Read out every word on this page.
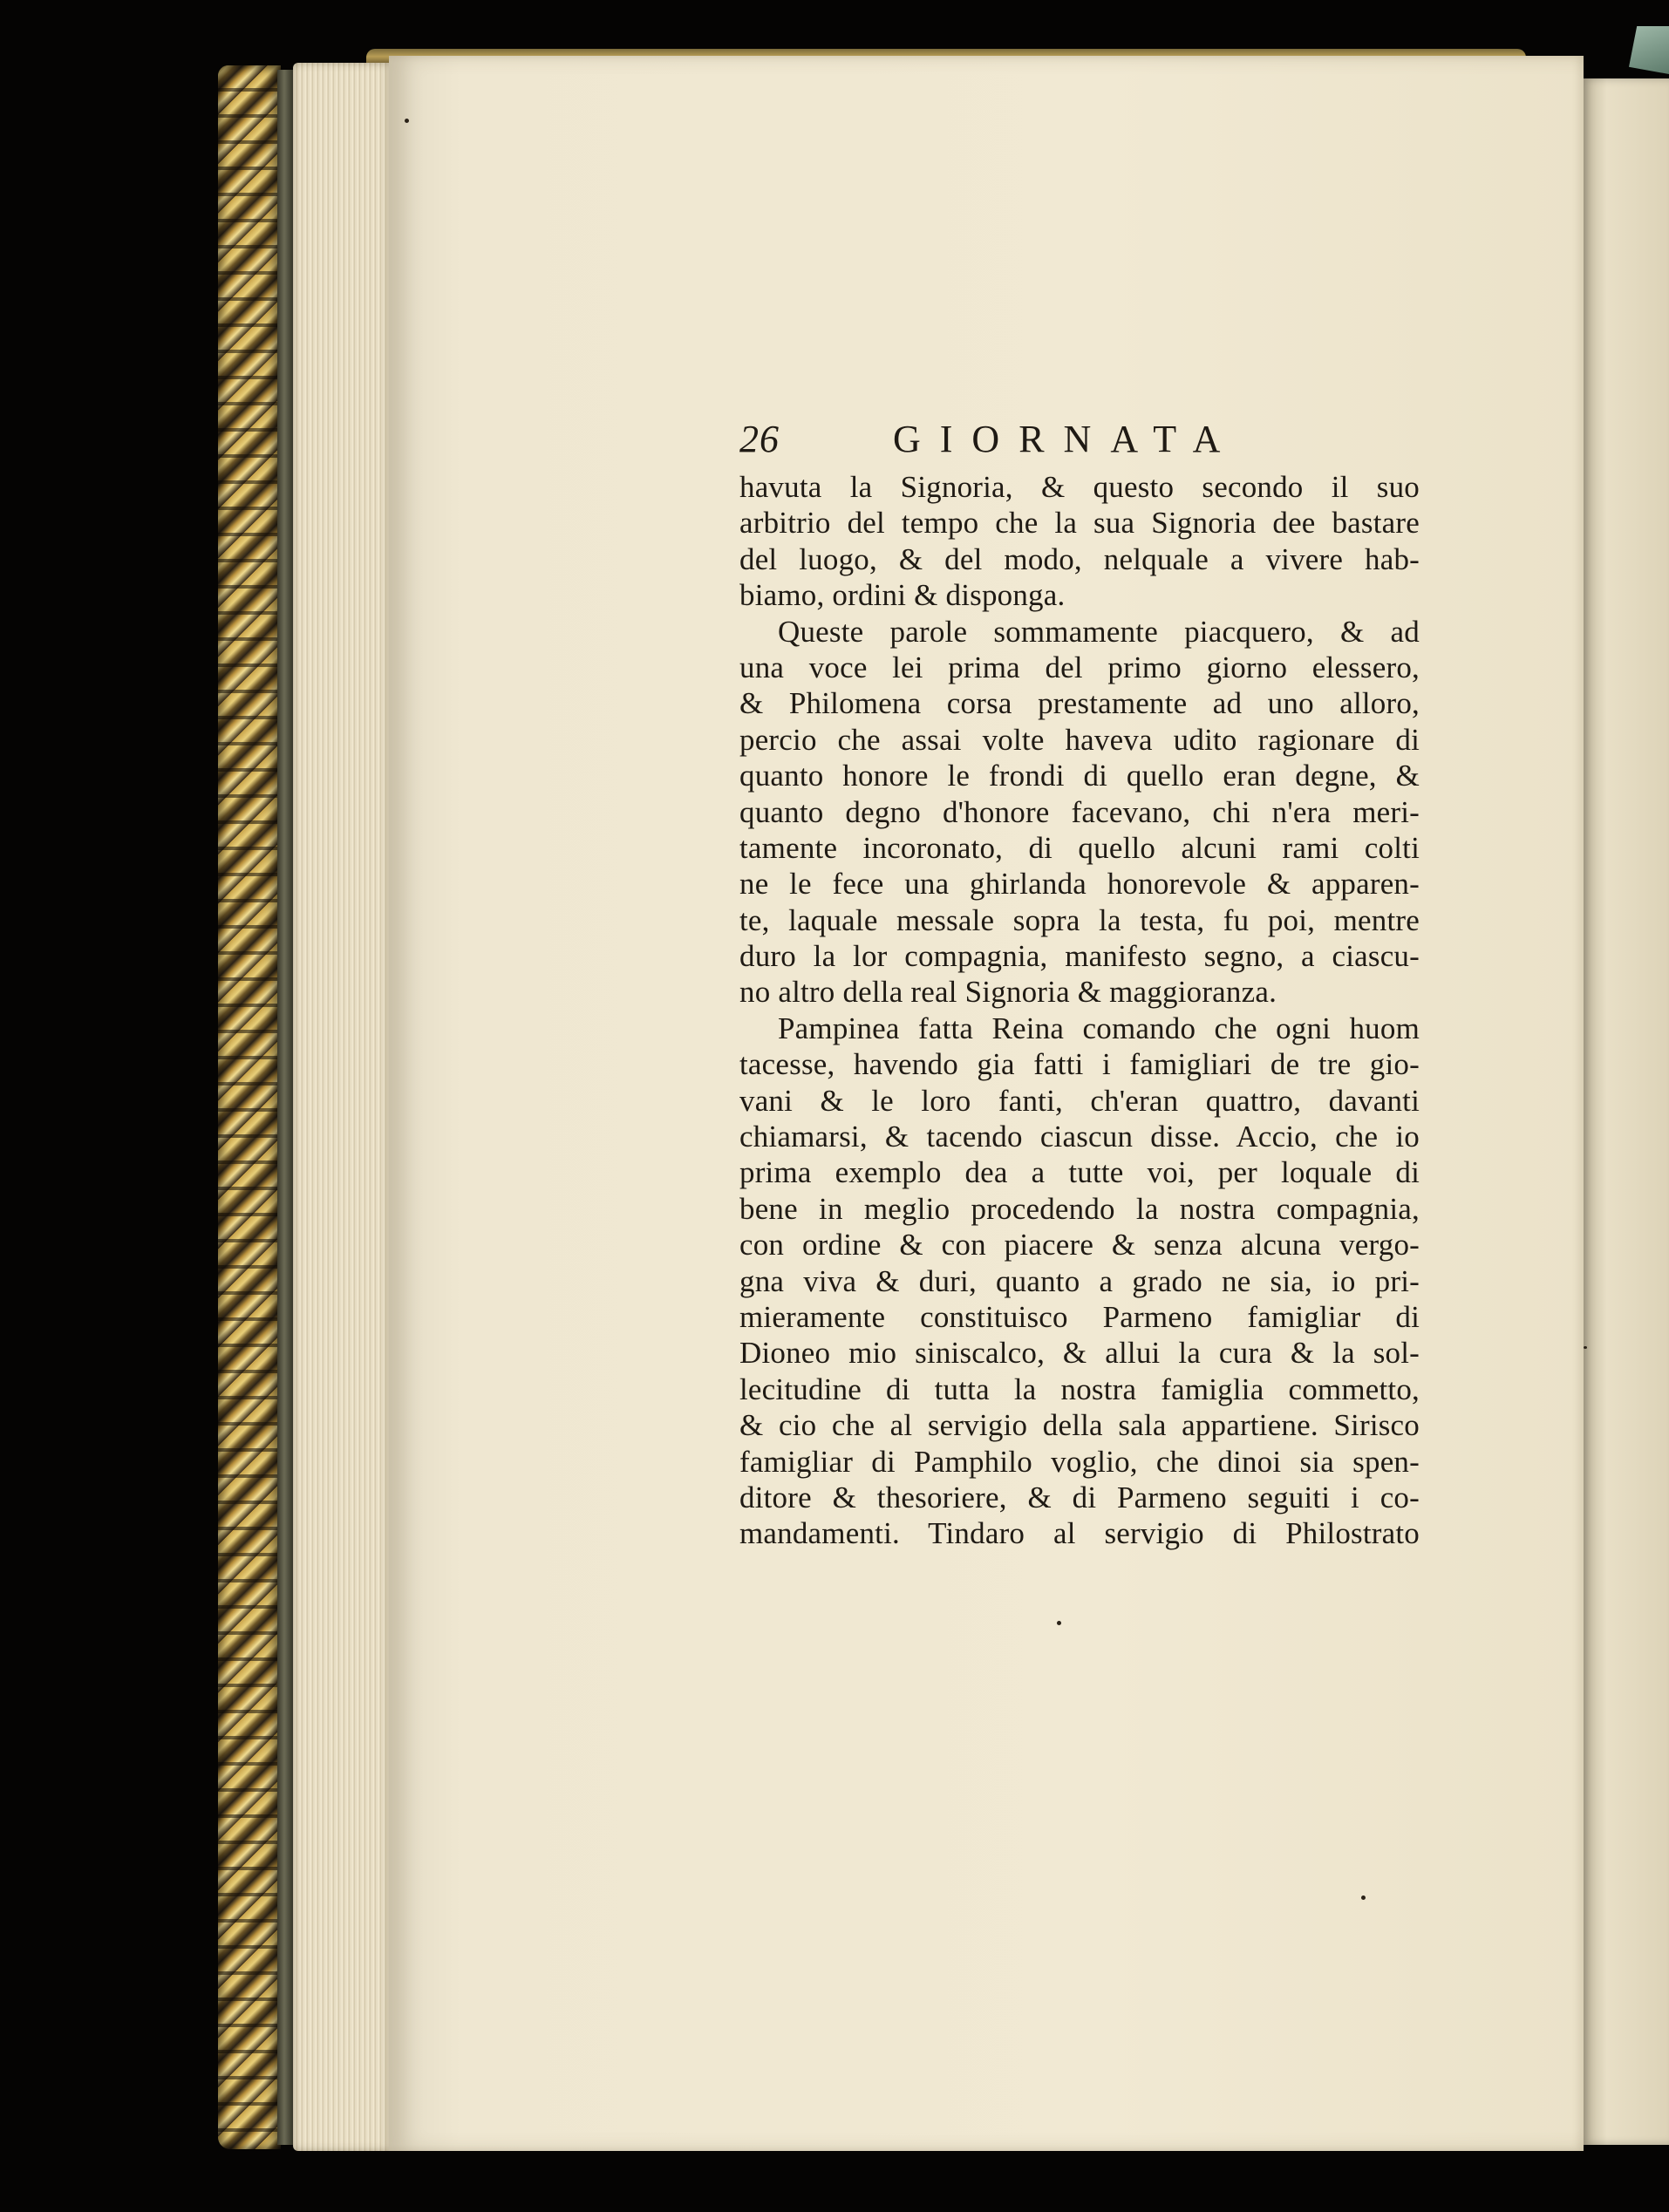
26	GIORNATA
havuta la Signoria, & questo secondo il suo
arbitrio del tempo che la sua Signoria dee bastare
del luogo, & del modo, nelquale a vivere hab-
biamo, ordini & disponga.
Queste parole sommamente piacquero, & ad
una voce lei prima del primo giorno elessero,
& Philomena corsa prestamente ad uno alloro,
percio che assai volte haveva udito ragionare di
quanto honore le frondi di quello eran degne, &
quanto degno d'honore facevano, chi n'era meri-
tamente incoronato, di quello alcuni rami colti
ne le fece una ghirlanda honorevole & apparen-
te, laquale messale sopra la testa, fu poi, mentre
duro la lor compagnia, manifesto segno, a ciascu-
no altro della real Signoria & maggioranza.
Pampinea fatta Reina comando che ogni huom
tacesse, havendo gia fatti i famigliari de tre gio-
vani & le loro fanti, ch'eran quattro, davanti
chiamarsi, & tacendo ciascun disse. Accio, che io
prima exemplo dea a tutte voi, per loquale di
bene in meglio procedendo la nostra compagnia,
con ordine & con piacere & senza alcuna vergo-
gna viva & duri, quanto a grado ne sia, io pri-
mieramente constituisco Parmeno famigliar di
Dioneo mio siniscalco, & allui la cura & la sol-
lecitudine di tutta la nostra famiglia commetto,
& cio che al servigio della sala appartiene. Sirisco
famigliar di Pamphilo voglio, che dinoi sia spen-
ditore & thesoriere, & di Parmeno seguiti i co-
mandamenti. Tindaro al servigio di Philostrato
